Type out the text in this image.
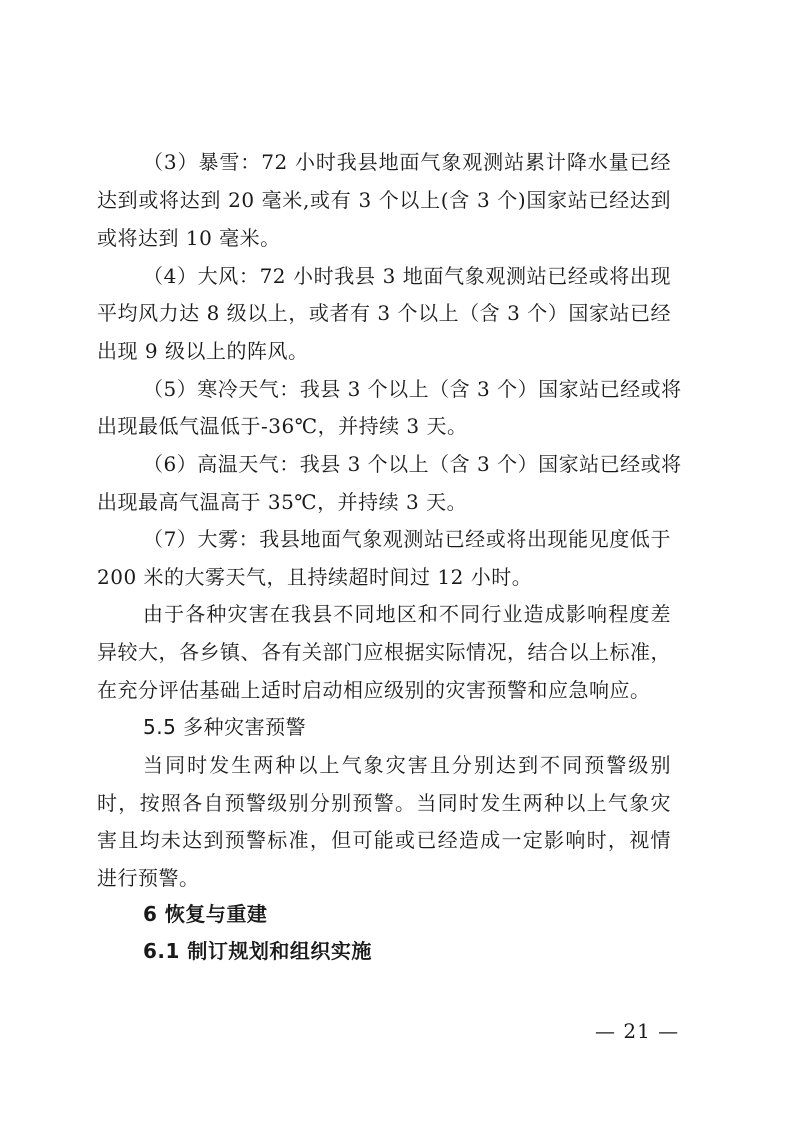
（3）暴雪：72 小时我县地面气象观测站累计降水量已经
达到或将达到 20 毫米,或有 3 个以上(含 3 个)国家站已经达到
或将达到 10 毫米。
（4）大风：72 小时我县 3 地面气象观测站已经或将出现
平均风力达 8 级以上，或者有 3 个以上（含 3 个）国家站已经
出现 9 级以上的阵风。
（5）寒冷天气：我县 3 个以上（含 3 个）国家站已经或将
出现最低气温低于-36℃，并持续 3 天。
（6）高温天气：我县 3 个以上（含 3 个）国家站已经或将
出现最高气温高于 35℃，并持续 3 天。
（7）大雾：我县地面气象观测站已经或将出现能见度低于
200 米的大雾天气，且持续超时间过 12 小时。
由于各种灾害在我县不同地区和不同行业造成影响程度差
异较大，各乡镇、各有关部门应根据实际情况，结合以上标准，
在充分评估基础上适时启动相应级别的灾害预警和应急响应。
5.5 多种灾害预警
当同时发生两种以上气象灾害且分别达到不同预警级别
时，按照各自预警级别分别预警。当同时发生两种以上气象灾
害且均未达到预警标准，但可能或已经造成一定影响时，视情
进行预警。
6 恢复与重建
6.1 制订规划和组织实施
— 21 —
